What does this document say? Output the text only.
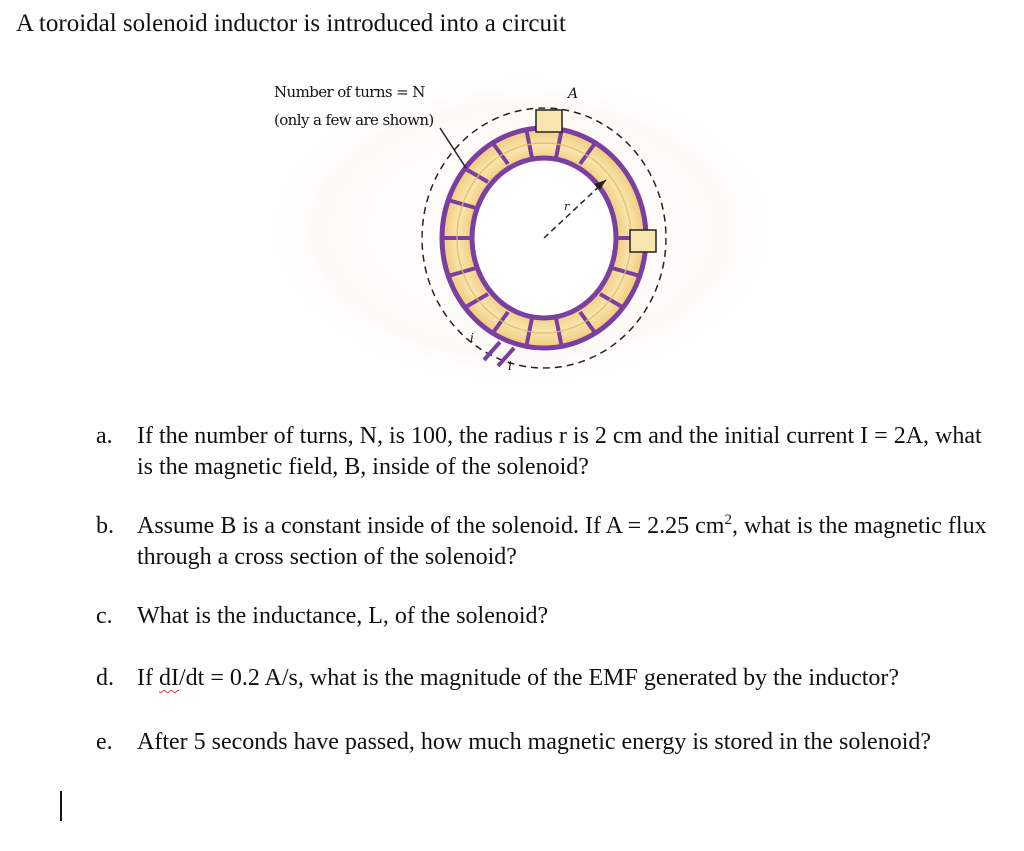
A toroidal solenoid inductor is introduced into a circuit
A
r
i
i
Number of turns = N
(only a few are shown)
a.	If the number of turns, N, is 100, the radius r is 2 cm and the initial current I = 2A, what is the magnetic field, B, inside of the solenoid?
b. Assume B is a constant inside of the solenoid. If A = 2.25 $cm^2$, what is the magnetic flux through a cross section of the solenoid?
c.	What is the inductance, L, of the solenoid?
d. If dI/dt = 0.2 A/s, what is the magnitude of the EMF generated by the inductor?
e.	After 5 seconds have passed, how much magnetic energy is stored in the solenoid?
